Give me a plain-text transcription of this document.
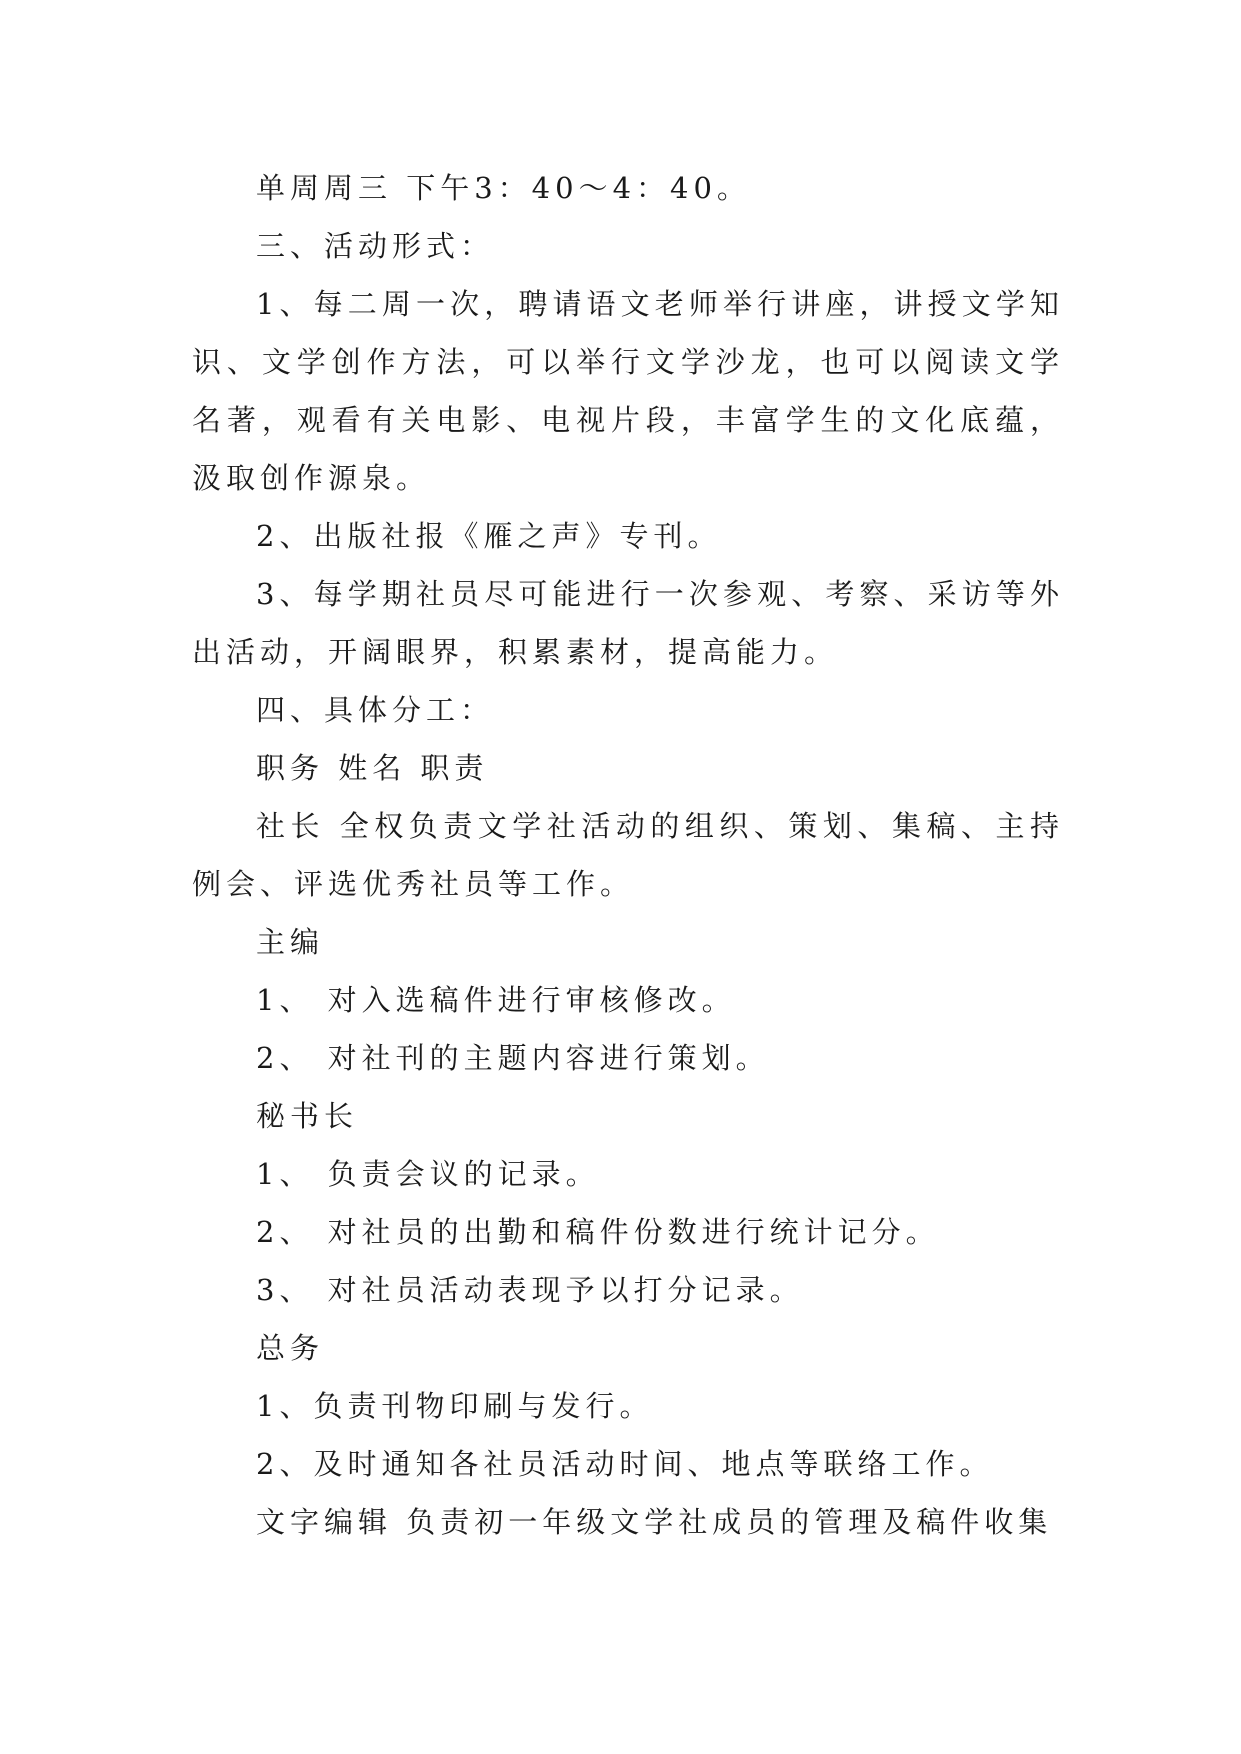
单周周三 下午3：40～4：40。

三、活动形式：

1、每二周一次，聘请语文老师举行讲座，讲授文学知识、文学创作方法，可以举行文学沙龙，也可以阅读文学名著，观看有关电影、电视片段，丰富学生的文化底蕴，汲取创作源泉。

2、出版社报《雁之声》专刊。

3、每学期社员尽可能进行一次参观、考察、采访等外出活动，开阔眼界，积累素材，提高能力。

四、具体分工：

职务 姓名 职责

社长 全权负责文学社活动的组织、策划、集稿、主持例会、评选优秀社员等工作。

主编

1、 对入选稿件进行审核修改。

2、 对社刊的主题内容进行策划。

秘书长

1、 负责会议的记录。

2、 对社员的出勤和稿件份数进行统计记分。

3、 对社员活动表现予以打分记录。

总务

1、负责刊物印刷与发行。

2、及时通知各社员活动时间、地点等联络工作。

文字编辑 负责初一年级文学社成员的管理及稿件收集
